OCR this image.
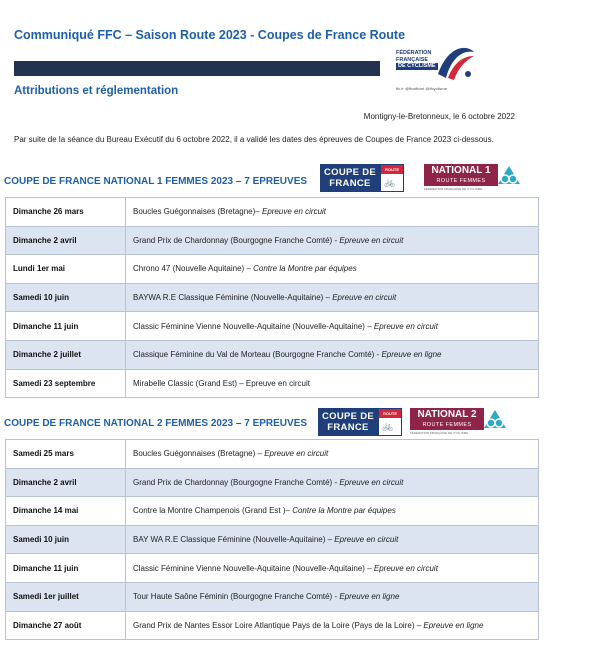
Communiqué FFC – Saison Route 2023 - Coupes de France Route
FÉDÉRATION
FRANÇAISE
DE CYCLISME
ffc.fr @ffcofficiel @ffcyclisme
Attributions et réglementation
Montigny-le-Bretonneux, le 6 octobre 2022
Par suite de la séance du Bureau Exécutif du 6 octobre 2022, il a validé les dates des épreuves de Coupes de France 2023 ci-dessous.
COUPE DE FRANCE NATIONAL 1 FEMMES 2023 – 7 EPREUVES
COUPE DE
FRANCE
ROUTE
🚲
NATIONAL 1
ROUTE FEMMES
FÉDÉRATION FRANÇAISE DE CYCLISME
Dimanche 26 mars	Boucles Guégonnaises (Bretagne)– Epreuve en circuit
Dimanche 2 avril	Grand Prix de Chardonnay (Bourgogne Franche Comté) - Epreuve en circuit
Lundi 1er mai	Chrono 47 (Nouvelle Aquitaine) – Contre la Montre par équipes
Samedi 10 juin	BAYWA R.E Classique Féminine (Nouvelle-Aquitaine) – Epreuve en circuit
Dimanche 11 juin	Classic Féminine Vienne Nouvelle-Aquitaine (Nouvelle-Aquitaine) – Epreuve en circuit
Dimanche 2 juillet	Classique Féminine du Val de Morteau (Bourgogne Franche Comté) - Epreuve en ligne
Samedi 23 septembre	Mirabelle Classic (Grand Est) – Epreuve en circuit
COUPE DE FRANCE NATIONAL 2 FEMMES 2023 – 7 EPREUVES
COUPE DE
FRANCE
ROUTE
🚲
NATIONAL 2
ROUTE FEMMES
FÉDÉRATION FRANÇAISE DE CYCLISME
Samedi 25 mars	Boucles Guégonnaises (Bretagne) – Epreuve en circuit
Dimanche 2 avril	Grand Prix de Chardonnay (Bourgogne Franche Comté) - Epreuve en circuit
Dimanche 14 mai	Contre la Montre Champenois (Grand Est )– Contre la Montre par équipes
Samedi 10 juin	BAY WA R.E Classique Féminine (Nouvelle-Aquitaine) – Epreuve en circuit
Dimanche 11 juin	Classic Féminine Vienne Nouvelle-Aquitaine (Nouvelle-Aquitaine) – Epreuve en circuit
Samedi 1er juillet	Tour Haute Saône Féminin (Bourgogne Franche Comté) - Epreuve en ligne
Dimanche 27 août	Grand Prix de Nantes Essor Loire Atlantique Pays de la Loire (Pays de la Loire) – Epreuve en ligne
